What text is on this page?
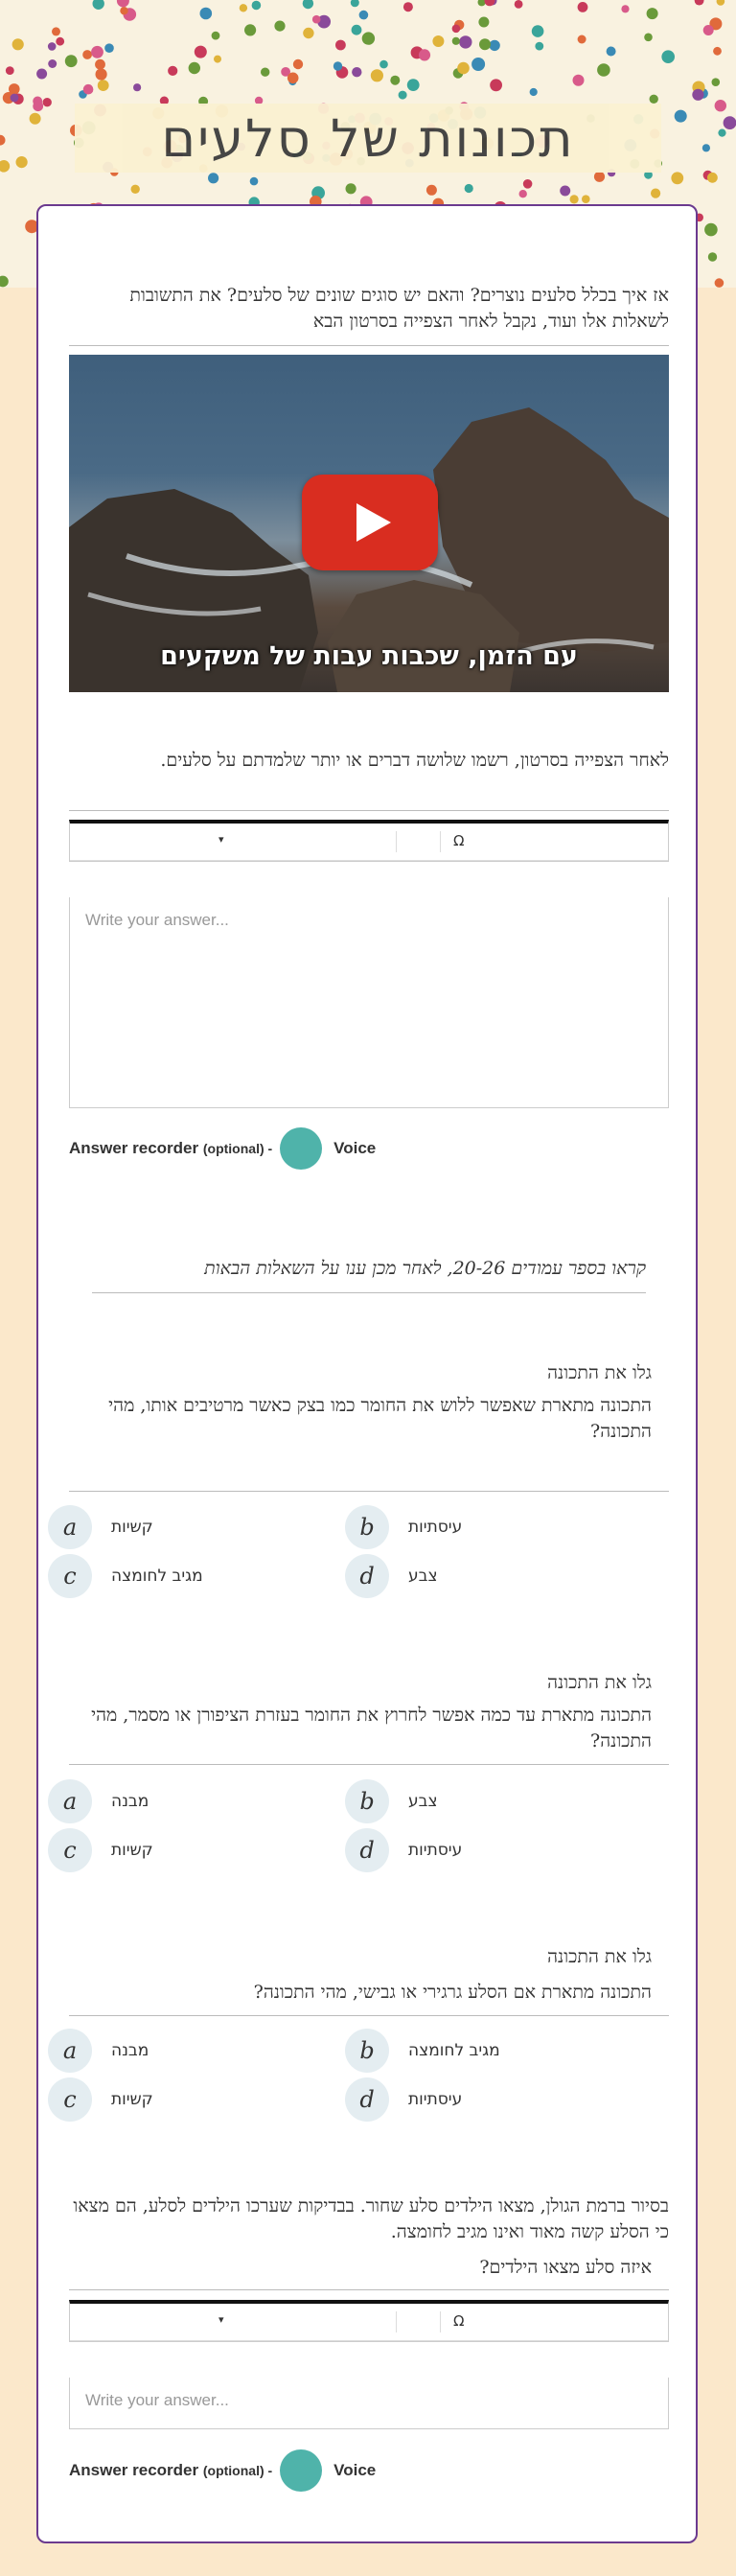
תכונות של סלעים
אז איך בכלל סלעים נוצרים? והאם יש סוגים שונים של סלעים? את התשובות לשאלות אלו ועוד, נקבל לאחר הצפייה בסרטון הבא
עם הזמן, שכבות עבות של משקעים
לאחר הצפייה בסרטון, רשמו שלושה דברים או יותר שלמדתם על סלעים.
▾	Ω
Write your answer...
Answer recorder
(optional) -	Voice
קראו בספר עמודים 20-26, לאחר מכן ענו על השאלות הבאות
גלו את התכונה
התכונה מתארת שאפשר ללוש את החומר כמו בצק כאשר מרטיבים אותו, מהי התכונה?
a	קשיות	b	עיסתיות
c	מגיב לחומצה	d	צבע
גלו את התכונה
התכונה מתארת עד כמה אפשר לחרוץ את החומר בעזרת הציפורן או מסמר, מהי התכונה?
a	מבנה	b	צבע
c	קשיות	d	עיסתיות
גלו את התכונה
התכונה מתארת אם הסלע גרגירי או גבישי, מהי התכונה?
a	מבנה	b	מגיב לחומצה
c	קשיות	d	עיסתיות
בסיור ברמת הגולן, מצאו הילדים סלע שחור. בבדיקות שערכו הילדים לסלע, הם מצאו כי הסלע קשה מאוד ואינו מגיב לחומצה.
איזה סלע מצאו הילדים?
▾	Ω
Write your answer...
Answer recorder
(optional) -	Voice
